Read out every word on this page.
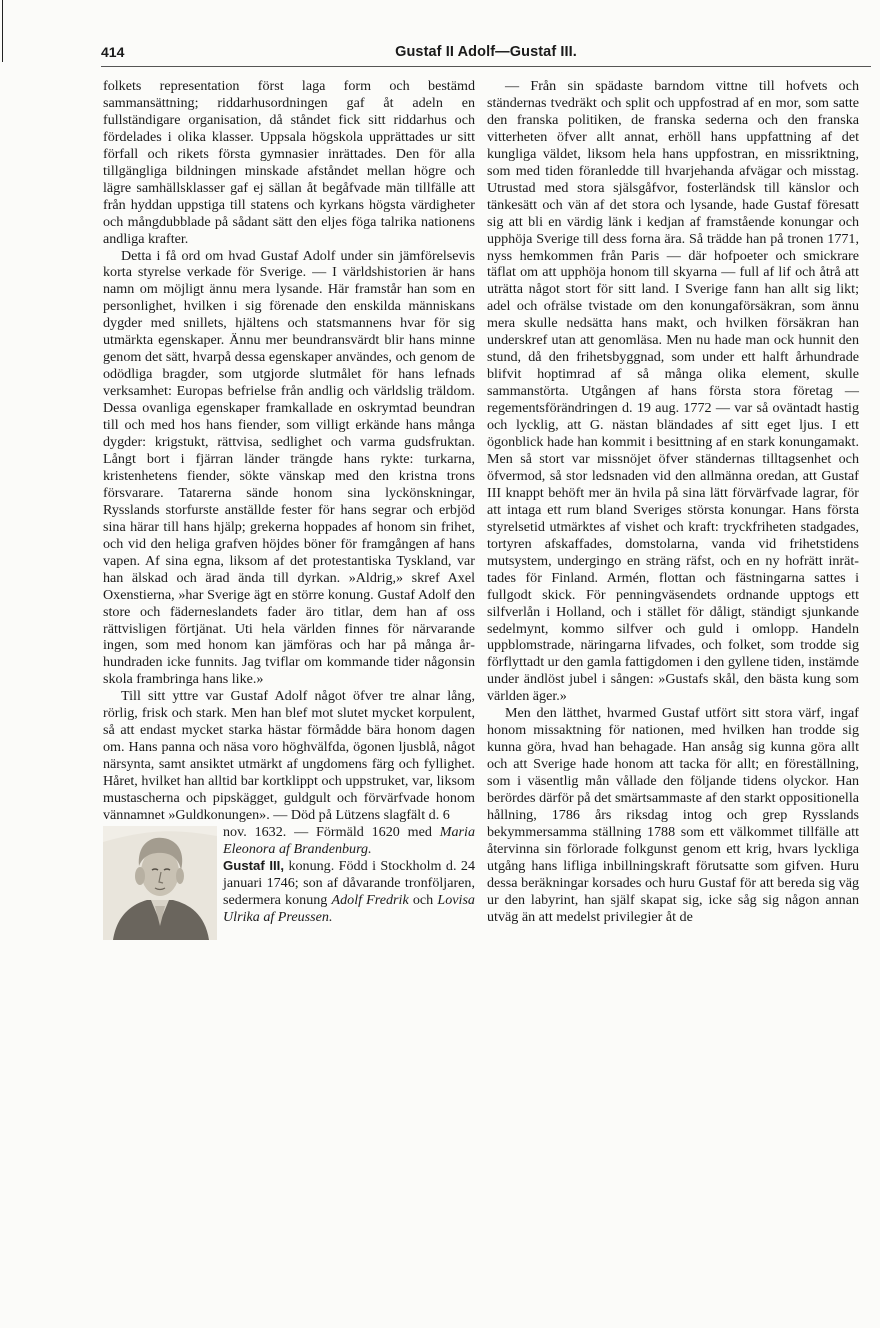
414	Gustaf II Adolf—Gustaf III.

folkets representation först laga form och bestämd sammansättning; riddarhusordningen gaf åt adeln en fullständigare organisation, då ståndet fick sitt riddarhus och fördelades i olika klasser. Uppsala högskola upprättades ur sitt förfall och rikets första gymnasier inrättades. Den för alla tillgängliga bildningen minskade afståndet mellan högre och lägre samhällsklasser gaf ej sällan åt begåfvade män tillfälle att från hyddan uppstiga till statens och kyrkans högsta värdigheter och mångdubblade på sådant sätt den eljes föga talrika nationens andliga krafter.

Detta i få ord om hvad Gustaf Adolf under sin jämförelsevis korta styrelse verkade för Sverige. — I världshistorien är hans namn om möjligt ännu mera lysande. Här framstår han som en personlighet, hvilken i sig förenade den enskilda människans dygder med snillets, hjältens och statsmannens hvar för sig utmärkta egenskaper. Ännu mer beundransvärdt blir hans minne genom det sätt, hvarpå dessa egenskaper användes, och genom de odödliga bragder, som utgjorde slutmålet för hans lefnads verksamhet: Europas befrielse från andlig och världslig träldom. Dessa ovanliga egenskaper framkallade en oskrymtad beundran till och med hos hans fiender, som villigt erkände hans många dygder: krigstukt, rättvisa, sedlighet och varma gudsfruktan. Långt bort i fjärran länder trängde hans rykte: turkarna, kristenhetens fiender, sökte vänskap med den kristna trons försvarare. Tatarerna sände honom sina lyckönskningar, Rysslands storfurste anställde fester för hans segrar och erbjöd sina härar till hans hjälp; grekerna hoppades af honom sin frihet, och vid den heliga grafven höjdes böner för framgången af hans vapen. Af sina egna, liksom af det protestantiska Tyskland, var han älskad och ärad ända till dyrkan. »Aldrig,» skref Axel Oxenstierna, »har Sverige ägt en större konung. Gustaf Adolf den store och fäderneslandets fader äro titlar, dem han af oss rättvisligen förtjänat. Uti hela världen finnes för närvarande ingen, som med honom kan jämföras och har på många århundraden icke funnits. Jag tviflar om kommande tider någonsin skola frambringa hans like.»

Till sitt yttre var Gustaf Adolf något öfver tre alnar lång, rörlig, frisk och stark. Men han blef mot slutet mycket korpulent, så att endast mycket starka hästar förmådde bära honom dagen om. Hans panna och näsa voro höghvälfda, ögonen ljusblå, något närsynta, samt ansiktet utmärkt af ungdomens färg och fyllighet. Håret, hvilket han alltid bar kortklippt och uppstruket, var, liksom mustascherna och pipskägget, guldgult och förvärfvade honom vännamnet »Guldkonungen». — Död på Lützens slagfält d. 6

nov. 1632. — Förmäld 1620 med Maria Eleonora af Brandenburg.
Gustaf III, konung. Född i Stockholm d. 24 januari 1746; son af dåvarande tronföljaren, sedermera konung Adolf Fredrik och Lovisa Ulrika af Preussen.

— Från sin spädaste barndom vittne till hofvets och ständernas tvedräkt och split och uppfostrad af en mor, som satte den franska politiken, de franska sederna och den franska vitterheten öfver allt annat, erhöll hans uppfattning af det kungliga väldet, liksom hela hans uppfostran, en missriktning, som med tiden föranledde till hvarjehanda afvägar och misstag. Utrustad med stora själsgåfvor, fosterländsk till känslor och tänkesätt och vän af det stora och lysande, hade Gustaf föresatt sig att bli en värdig länk i kedjan af framstående konungar och upphöja Sverige till dess forna ära. Så trädde han på tronen 1771, nyss hemkommen från Paris — där hofpoeter och smickrare täflat om att upphöja honom till skyarna — full af lif och åtrå att uträtta något stort för sitt land. I Sverige fann han allt sig likt; adel och ofrälse tvistade om den konungaförsäkran, som ännu mera skulle nedsätta hans makt, och hvilken försäkran han underskref utan att genomläsa. Men nu hade man ock hunnit den stund, då den frihetsbyggnad, som under ett halft århundrade blifvit hoptimrad af så många olika element, skulle sammanstörta. Utgången af hans första stora företag — regementsförändringen d. 19 aug. 1772 — var så oväntadt hastig och lycklig, att G. nästan bländades af sitt eget ljus. I ett ögonblick hade han kommit i besittning af en stark konungamakt. Men så stort var missnöjet öfver ständernas tilltagsenhet och öfvermod, så stor ledsnaden vid den allmänna oredan, att Gustaf III knappt behöft mer än hvila på sina lätt förvärfvade lagrar, för att intaga ett rum bland Sveriges största konungar. Hans första styrelsetid utmärktes af vishet och kraft: tryckfriheten stadgades, tortyren afskaffades, domstolarna, vanda vid frihetstidens mutsystem, undergingo en sträng räfst, och en ny hofrätt inrättades för Finland. Armén, flottan och fästningarna sattes i fullgodt skick. För penningväsendets ordnande upptogs ett silfverlån i Holland, och i stället för dåligt, ständigt sjunkande sedelmynt, kommo silfver och guld i omlopp. Handeln uppblomstrade, näringarna lifvades, och folket, som trodde sig förflyttadt ur den gamla fattigdomen i den gyllene tiden, instämde under ändlöst jubel i sången: »Gustafs skål, den bästa kung som världen äger.»

Men den lätthet, hvarmed Gustaf utfört sitt stora värf, ingaf honom missaktning för nationen, med hvilken han trodde sig kunna göra, hvad han behagade. Han ansåg sig kunna göra allt och att Sverige hade honom att tacka för allt; en föreställning, som i väsentlig mån vållade den följande tidens olyckor. Han berördes därför på det smärtsammaste af den starkt oppositionella hållning, 1786 års riksdag intog och grep Rysslands bekymmersamma ställning 1788 som ett välkommet tillfälle att återvinna sin förlorade folkgunst genom ett krig, hvars lyckliga utgång hans lifliga inbillningskraft förutsatte som gifven. Huru dessa beräkningar korsades och huru Gustaf för att bereda sig väg ur den labyrint, han själf skapat sig, icke såg sig någon annan utväg än att medelst privilegier åt de
